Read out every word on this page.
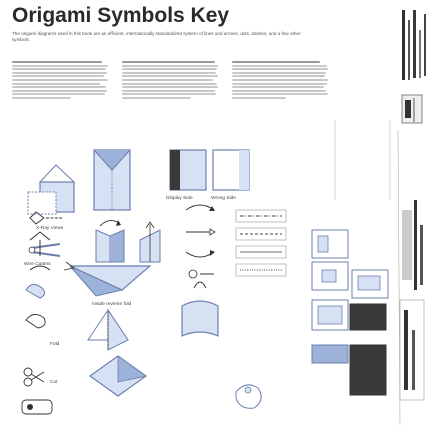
Origami Symbols Key
The origami diagrams used in this book are an efficient, internationally standardized system of lines and arrows, dots, dashes, and a few other symbols.
X-Ray Views
Display Side	Wrong Side
Wire Cutters
Inside reverse fold
Fold
Cut
